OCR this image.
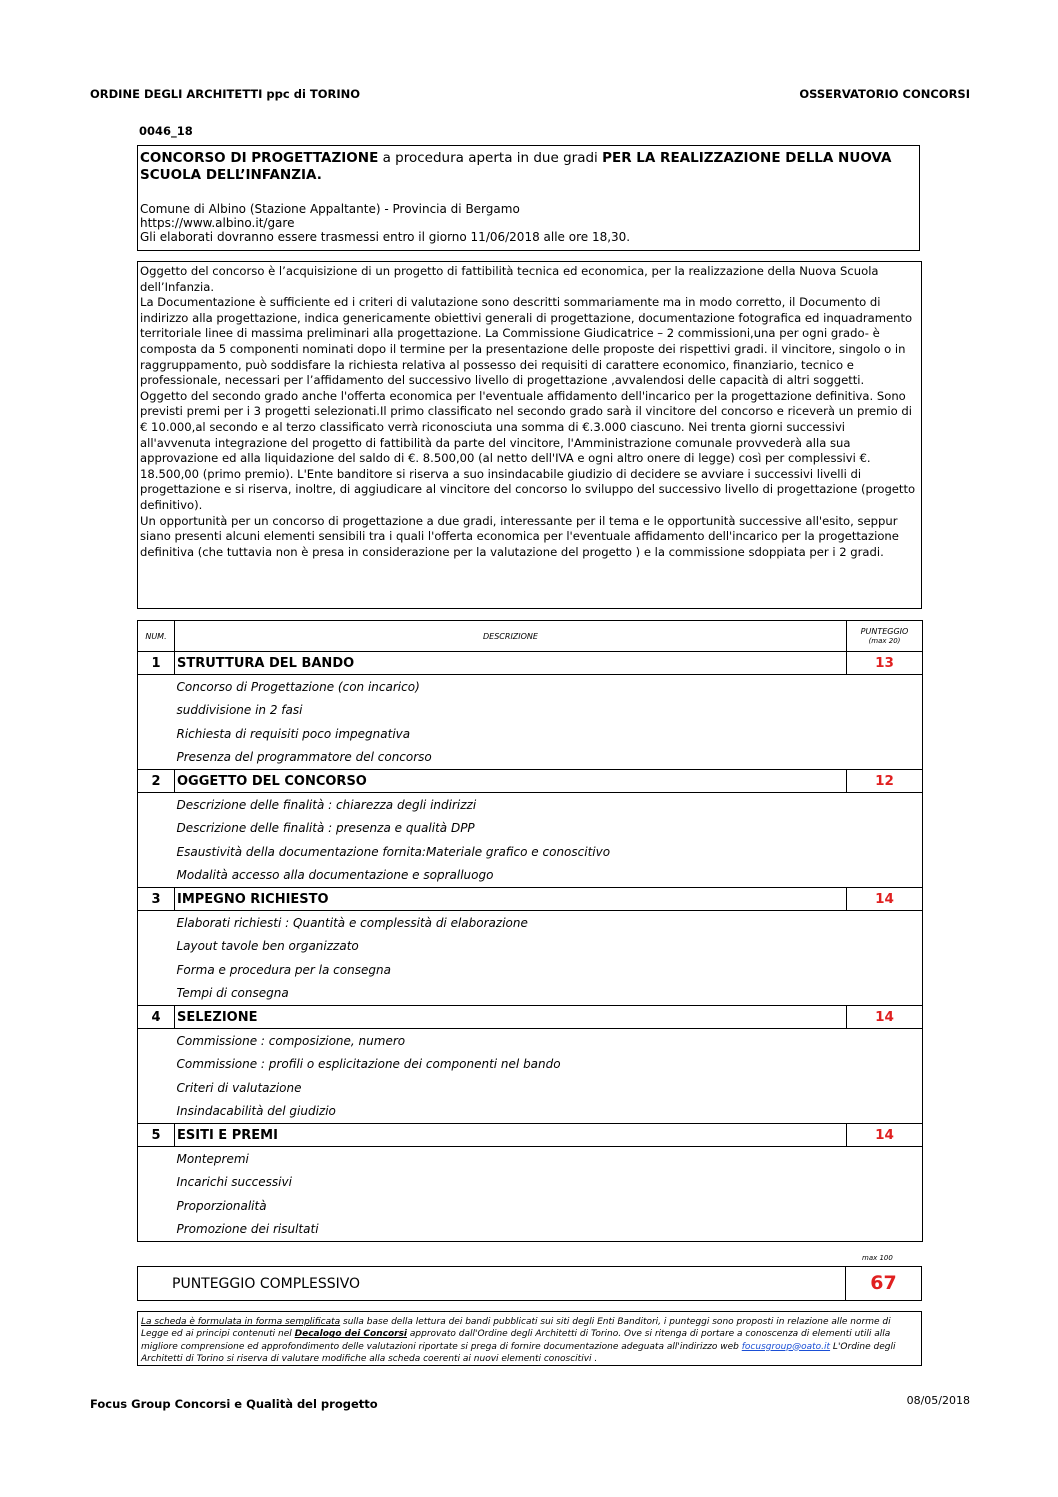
ORDINE DEGLI ARCHITETTI ppc di TORINO	OSSERVATORIO CONCORSI
0046_18

CONCORSO DI PROGETTAZIONE a procedura aperta in due gradi PER LA REALIZZAZIONE DELLA NUOVA SCUOLA DELL’INFANZIA.

Comune di Albino (Stazione Appaltante) - Provincia di Bergamo
https://www.albino.it/gare
Gli elaborati dovranno essere trasmessi entro il giorno 11/06/2018 alle ore 18,30.

Oggetto del concorso è l’acquisizione di un progetto di fattibilità tecnica ed economica, per la realizzazione della Nuova Scuola dell’Infanzia.

La Documentazione è sufficiente ed i criteri di valutazione sono descritti sommariamente ma in modo corretto, il Documento di indirizzo alla progettazione, indica genericamente obiettivi generali di progettazione, documentazione fotografica ed inquadramento territoriale linee di massima preliminari alla progettazione. La Commissione Giudicatrice – 2 commissioni,una per ogni grado- è composta da 5 componenti nominati dopo il termine per la presentazione delle proposte dei rispettivi gradi. il vincitore, singolo o in raggruppamento, può soddisfare la richiesta relativa al possesso dei requisiti di carattere economico, finanziario, tecnico e professionale, necessari per l’affidamento del successivo livello di progettazione ,avvalendosi delle capacità di altri soggetti.

Oggetto del secondo grado anche l'offerta economica per l'eventuale affidamento dell'incarico per la progettazione definitiva. Sono previsti premi per i 3 progetti selezionati.Il primo classificato nel secondo grado sarà il vincitore del concorso e riceverà un premio di € 10.000,al secondo e al terzo classificato verrà riconosciuta una somma di €.3.000 ciascuno. Nei trenta giorni successivi all'avvenuta integrazione del progetto di fattibilità da parte del vincitore, l'Amministrazione comunale provvederà alla sua approvazione ed alla liquidazione del saldo di €. 8.500,00 (al netto dell'IVA e ogni altro onere di legge) così per complessivi €. 18.500,00 (primo premio). L'Ente banditore si riserva a suo insindacabile giudizio di decidere se avviare i successivi livelli di progettazione e si riserva, inoltre, di aggiudicare al vincitore del concorso lo sviluppo del successivo livello di progettazione (progetto definitivo).

Un opportunità per un concorso di progettazione a due gradi, interessante per il tema e le opportunità successive all'esito, seppur siano presenti alcuni elementi sensibili tra i quali l'offerta economica per l'eventuale affidamento dell'incarico per la progettazione definitiva (che tuttavia non è presa in considerazione per la valutazione del progetto ) e la commissione sdoppiata per i 2 gradi.

NUM.	DESCRIZIONE	PUNTEGGIO
(max 20)
1	STRUTTURA DEL BANDO	13
	Concorso di Progettazione (con incarico)	
	suddivisione in 2 fasi	
	Richiesta di requisiti poco impegnativa	
	Presenza del programmatore del concorso	
2	OGGETTO DEL CONCORSO	12
	Descrizione delle finalità : chiarezza degli indirizzi	
	Descrizione delle finalità : presenza e qualità DPP	
	Esaustività della documentazione fornita:Materiale grafico e conoscitivo	
	Modalità accesso alla documentazione e sopralluogo	
3	IMPEGNO RICHIESTO	14
	Elaborati richiesti : Quantità e complessità di elaborazione	
	Layout tavole ben organizzato	
	Forma e procedura per la consegna	
	Tempi di consegna	
4	SELEZIONE	14
	Commissione : composizione, numero	
	Commissione : profili o esplicitazione dei componenti nel bando	
	Criteri di valutazione	
	Insindacabilità del giudizio	
5	ESITI E PREMI	14
	Montepremi	
	Incarichi successivi	
	Proporzionalità	
	Promozione dei risultati	
max 100
PUNTEGGIO COMPLESSIVO	67
La scheda è formulata in forma semplificata sulla base della lettura dei bandi pubblicati sui siti degli Enti Banditori, i punteggi sono proposti in relazione alle norme di Legge ed ai principi contenuti nel Decalogo dei Concorsi approvato dall'Ordine degli Architetti di Torino. Ove si ritenga di portare a conoscenza di elementi utili alla migliore comprensione ed approfondimento delle valutazioni riportate si prega di fornire documentazione adeguata all'indirizzo web focusgroup@oato.it L'Ordine degli Architetti di Torino si riserva di valutare modifiche alla scheda coerenti ai nuovi elementi conoscitivi .
Focus Group Concorsi e Qualità del progetto	08/05/2018
